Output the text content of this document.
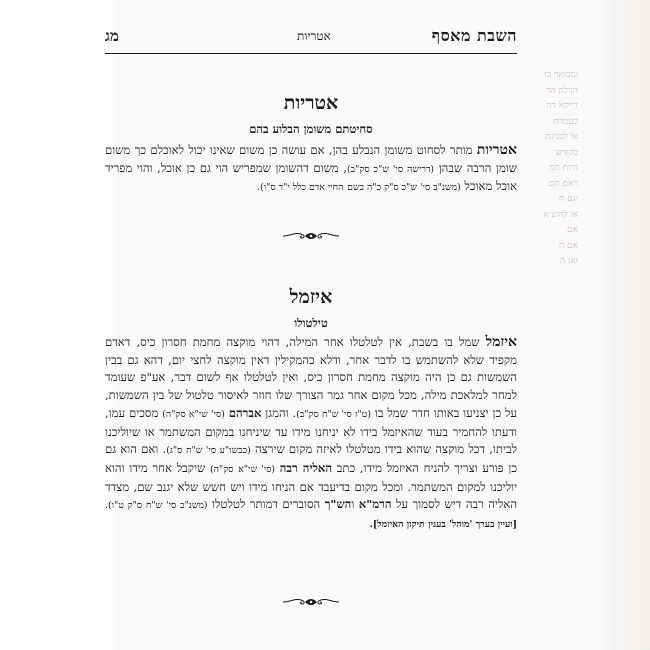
ומבואר בו
הזולת הד
דייקא דה
כעמדת
אי לבנינת
בקודש
היות חמ
ראם חם
וגם ח
או להוציא
אם
אם ה
ואן ה
השבת מאסף
אטריות
מג
אטריות
סחיטתם משומן הבלוע בהם
אטריות מותר לסחוט משומן הנבלע בהן, אם עושה כן משום שאינו יכול לאוכלם כך משום שומן הרבה שבהן (דרישה סי' ש"כ סק"ב), משום דהשומן שמפריש הוי גם כן אוכל, והוי מפריד אוכל מאוכל (משנ"ב סי' ש"כ ס"ק כ"ה בשם החיי אדם כלל י"ד ס"ו).
איזמל
טילטולו
איזמל שמל בו בשבת, אין לטלטלו אחר המילה, דהוי מוקצה מחמת חסרון כיס, דאדם מקפיד שלא להשתמש בו לדבר אחר, ודלא כהמקילין דאין מוקצה לחצי יום, דהא גם בבין השמשות גם כן היה מוקצה מחמת חסרון כיס, ואין לטלטלו אף לשום דבר, אע"פ שעומד למחר למלאכת מילה, מכל מקום אחר גמר הצורך שלו חוזר לאיסור טלטול של בין השמשות, על כן יצניעו באותו חדר שמל בו (ט"ז סי' ש"ח סק"ב). והמגן אברהם (סי' שי"א סק"ה) מסכים עמו, ודעתו להחמיר בעוד שהאיזמל בידו לא יניחנו מידו עד שיניחנו במקום המשתמר או שיוליכנו לביתו, דכל מוקצה שהוא בידו מטלטלו לאיזה מקום שירצה (כבשו"ע סי' ש"ח ס"ג). ואם הוא גם כן פורע וצריך להניח האיזמל מידו, כתב האליה רבה (סי' שי"א סק"ה) שיקבל אחר מידו והוא יוליכנו למקום המשתמר. ומכל מקום בדיעבד אם הניחו מידו ויש חשש שלא יגנב שם, מצדד האליה רבה דיש לסמוך על הרמ"א והש"ך הסוברים דמותר לטלטלו (משנ"ב סי' ש"ח ס"ק ט"ו). [ועיין בערך 'מוהל' בענין תיקון האיזמל].
